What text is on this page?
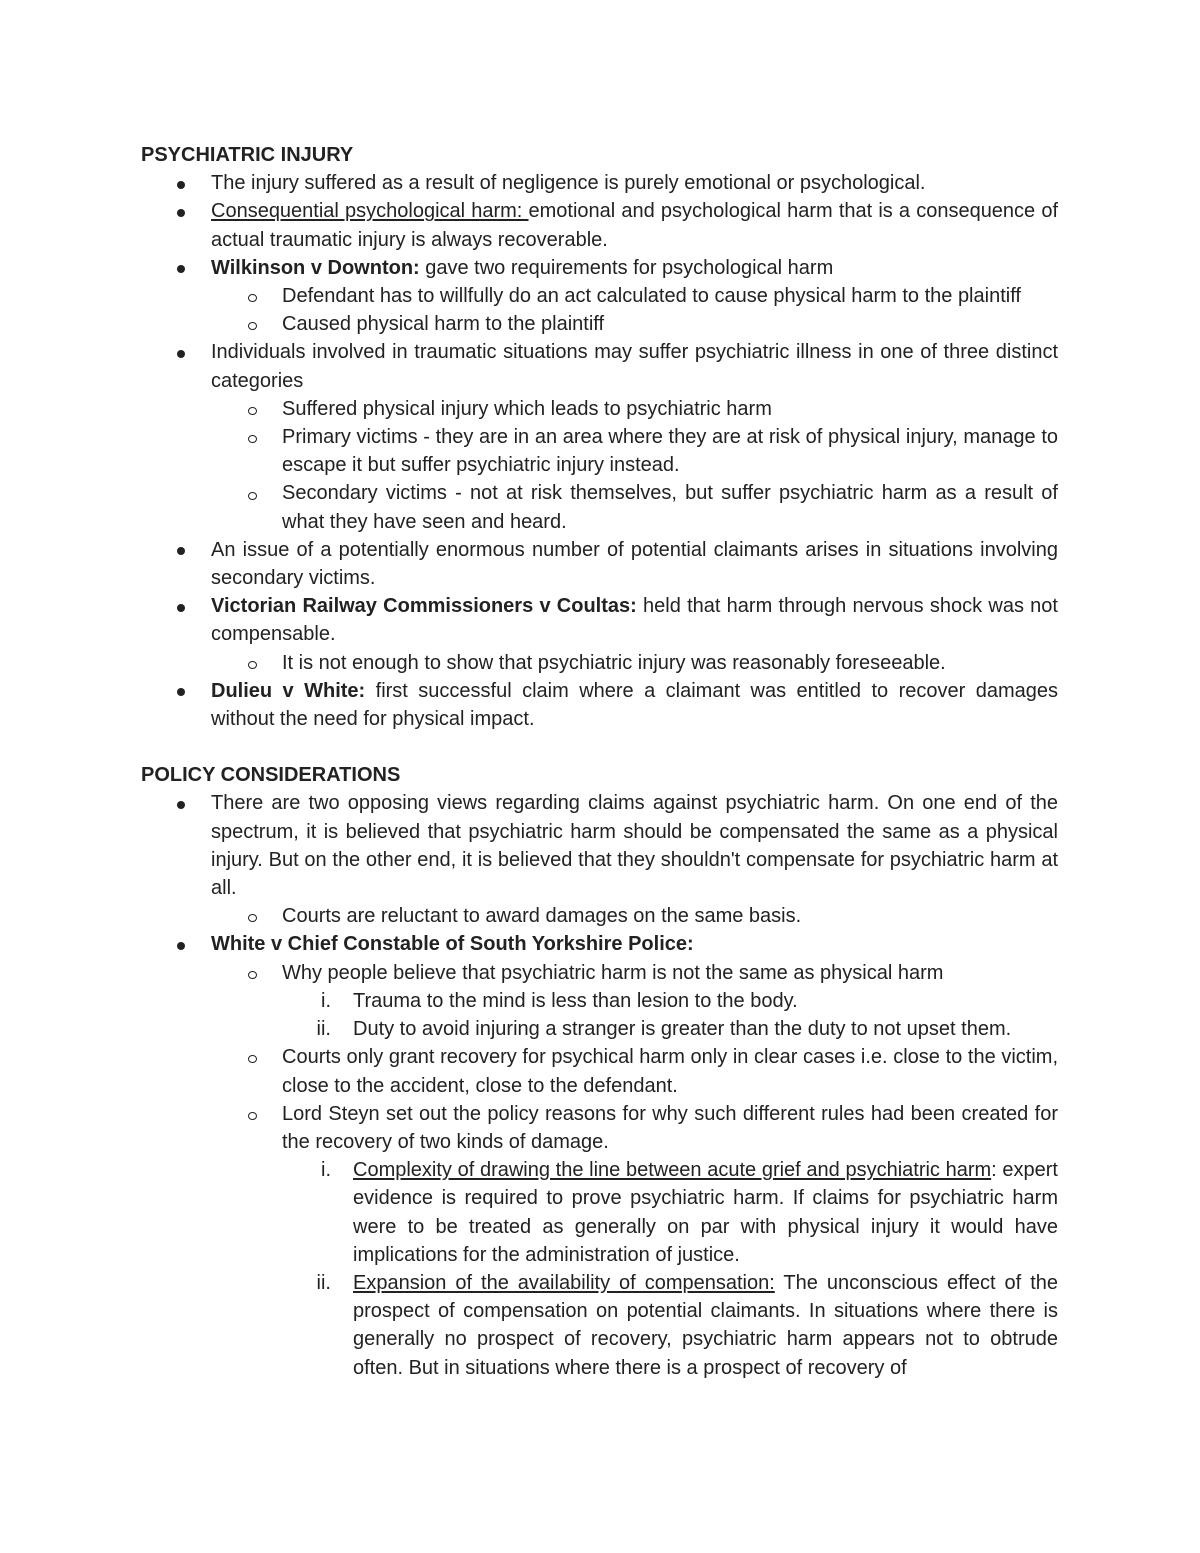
PSYCHIATRIC INJURY

The injury suffered as a result of negligence is purely emotional or psychological.
Consequential psychological harm: emotional and psychological harm that is a consequence of actual traumatic injury is always recoverable.
Wilkinson v Downton: gave two requirements for psychological harm
Defendant has to willfully do an act calculated to cause physical harm to the plaintiff
Caused physical harm to the plaintiff
Individuals involved in traumatic situations may suffer psychiatric illness in one of three distinct categories
Suffered physical injury which leads to psychiatric harm
Primary victims - they are in an area where they are at risk of physical injury, manage to escape it but suffer psychiatric injury instead.
Secondary victims - not at risk themselves, but suffer psychiatric harm as a result of what they have seen and heard.
An issue of a potentially enormous number of potential claimants arises in situations involving secondary victims.
Victorian Railway Commissioners v Coultas: held that harm through nervous shock was not compensable.
It is not enough to show that psychiatric injury was reasonably foreseeable.
Dulieu v White: first successful claim where a claimant was entitled to recover damages without the need for physical impact.

POLICY CONSIDERATIONS

There are two opposing views regarding claims against psychiatric harm. On one end of the spectrum, it is believed that psychiatric harm should be compensated the same as a physical injury. But on the other end, it is believed that they shouldn't compensate for psychiatric harm at all.
Courts are reluctant to award damages on the same basis.
White v Chief Constable of South Yorkshire Police:
Why people believe that psychiatric harm is not the same as physical harm
i. Trauma to the mind is less than lesion to the body.
ii. Duty to avoid injuring a stranger is greater than the duty to not upset them.
Courts only grant recovery for psychical harm only in clear cases i.e. close to the victim, close to the accident, close to the defendant.
Lord Steyn set out the policy reasons for why such different rules had been created for the recovery of two kinds of damage.
i. Complexity of drawing the line between acute grief and psychiatric harm: expert evidence is required to prove psychiatric harm. If claims for psychiatric harm were to be treated as generally on par with physical injury it would have implications for the administration of justice.
ii. Expansion of the availability of compensation: The unconscious effect of the prospect of compensation on potential claimants. In situations where there is generally no prospect of recovery, psychiatric harm appears not to obtrude often. But in situations where there is a prospect of recovery of
